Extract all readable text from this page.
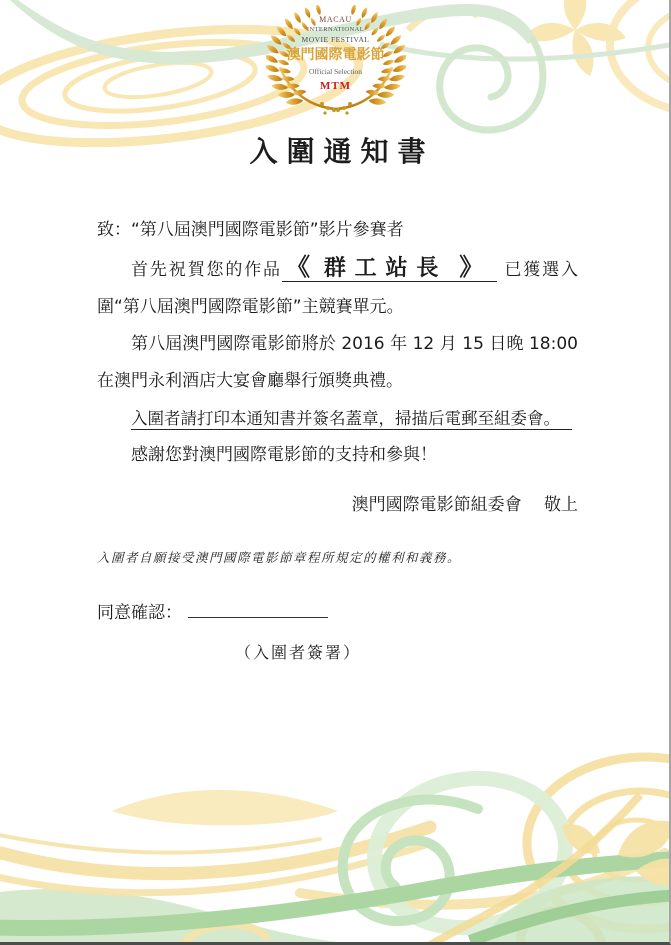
MACAU
INTERNATIONAL
MOVIE FESTIVAL
澳門國際電影節
Official Selection
MTM
入圍通知書

致：“第八屆澳門國際電影節”影片參賽者

首先祝賀您的作品 《 群工站長 》 已獲選入圍“第八屆澳門國際電影節”主競賽單元。

第八屆澳門國際電影節將於 2016 年 12 月 15 日晚 18:00 在澳門永利酒店大宴會廳舉行頒獎典禮。

入圍者請打印本通知書并簽名蓋章，掃描后電郵至組委會。

感謝您對澳門國際電影節的支持和參與！

澳門國際電影節組委會　 敬上

入圍者自願接受澳門國際電影節章程所規定的權利和義務。

同意確認：

（入圍者簽署）
